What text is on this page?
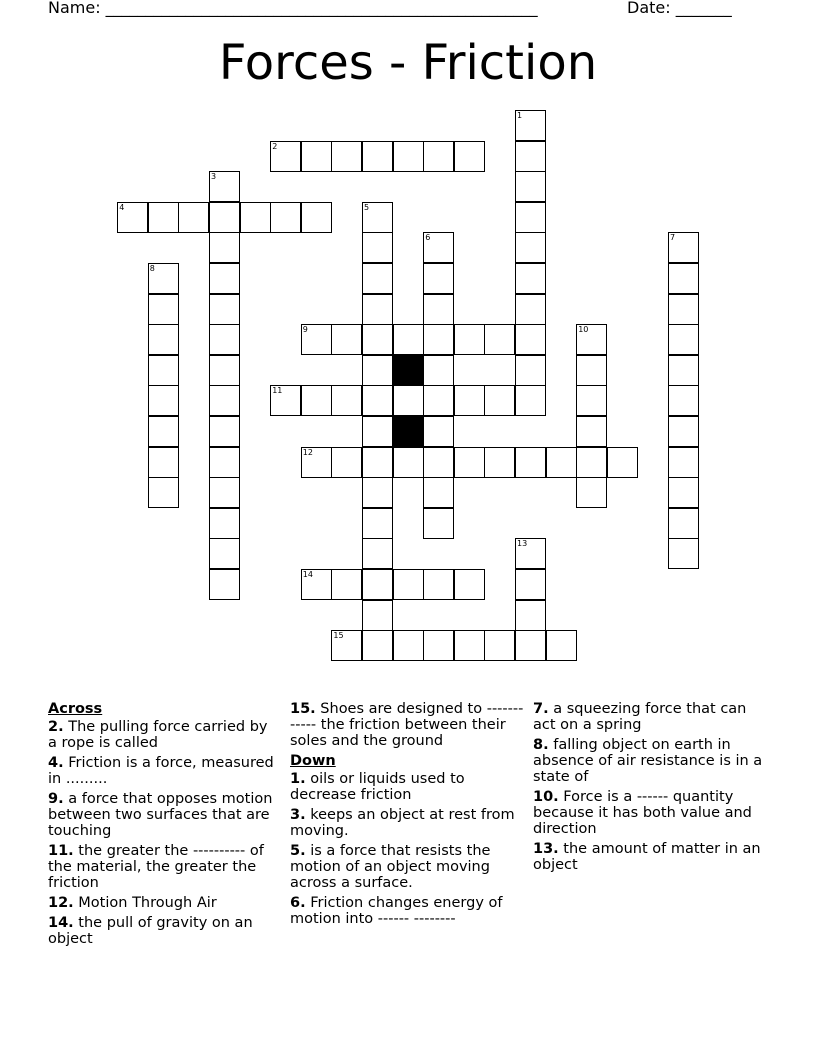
Name: ______________________________________________________	Date: _______
Forces - Friction
1
2
3
4	5
6	7
8
9	10
11
12
13
14
15
Across
2. The pulling force carried by a rope is called
4. Friction is a force, measured in .........
9. a force that opposes motion between two surfaces that are touching
11. the greater the ---------- of the material, the greater the friction
12. Motion Through Air
14. the pull of gravity on an object
15. Shoes are designed to ------------ the friction between their soles and the ground
Down
1. oils or liquids used to decrease friction
3. keeps an object at rest from moving.
5. is a force that resists the motion of an object moving across a surface.
6. Friction changes energy of motion into ------ --------
7. a squeezing force that can act on a spring
8. falling object on earth in absence of air resistance is in a state of
10. Force is a ------ quantity because it has both value and direction
13. the amount of matter in an object
